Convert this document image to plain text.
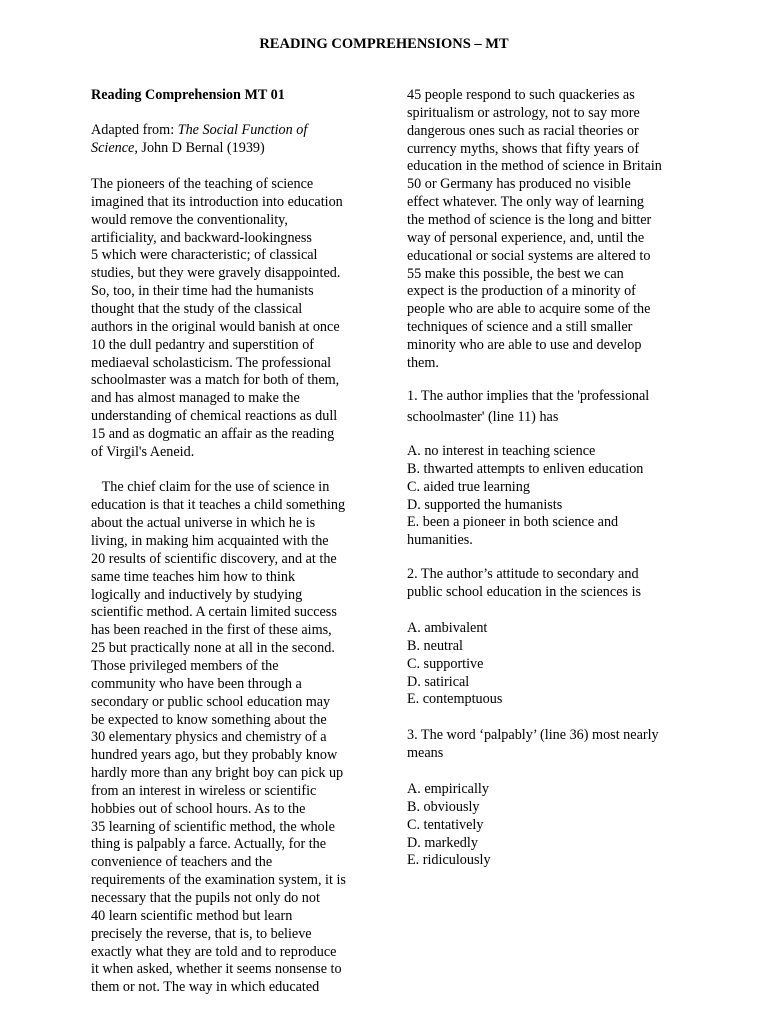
READING COMPREHENSIONS – MT
Reading Comprehension MT 01
Adapted from: The Social Function of
Science, John D Bernal (1939)
The pioneers of the teaching of science
imagined that its introduction into education
would remove the conventionality,
artificiality, and backward-lookingness
5 which were characteristic; of classical
studies, but they were gravely disappointed.
So, too, in their time had the humanists
thought that the study of the classical
authors in the original would banish at once
10 the dull pedantry and superstition of
mediaeval scholasticism. The professional
schoolmaster was a match for both of them,
and has almost managed to make the
understanding of chemical reactions as dull
15 and as dogmatic an affair as the reading
of Virgil's Aeneid.
The chief claim for the use of science in
education is that it teaches a child something
about the actual universe in which he is
living, in making him acquainted with the
20 results of scientific discovery, and at the
same time teaches him how to think
logically and inductively by studying
scientific method. A certain limited success
has been reached in the first of these aims,
25 but practically none at all in the second.
Those privileged members of the
community who have been through a
secondary or public school education may
be expected to know something about the
30 elementary physics and chemistry of a
hundred years ago, but they probably know
hardly more than any bright boy can pick up
from an interest in wireless or scientific
hobbies out of school hours. As to the
35 learning of scientific method, the whole
thing is palpably a farce. Actually, for the
convenience of teachers and the
requirements of the examination system, it is
necessary that the pupils not only do not
40 learn scientific method but learn
precisely the reverse, that is, to believe
exactly what they are told and to reproduce
it when asked, whether it seems nonsense to
them or not. The way in which educated
45 people respond to such quackeries as
spiritualism or astrology, not to say more
dangerous ones such as racial theories or
currency myths, shows that fifty years of
education in the method of science in Britain
50 or Germany has produced no visible
effect whatever. The only way of learning
the method of science is the long and bitter
way of personal experience, and, until the
educational or social systems are altered to
55 make this possible, the best we can
expect is the production of a minority of
people who are able to acquire some of the
techniques of science and a still smaller
minority who are able to use and develop
them.
1. The author implies that the 'professional
schoolmaster' (line 11) has
A. no interest in teaching science
B. thwarted attempts to enliven education
C. aided true learning
D. supported the humanists
E. been a pioneer in both science and
humanities.
2. The author’s attitude to secondary and
public school education in the sciences is
A. ambivalent
B. neutral
C. supportive
D. satirical
E. contemptuous
3. The word ‘palpably’ (line 36) most nearly
means
A. empirically
B. obviously
C. tentatively
D. markedly
E. ridiculously
